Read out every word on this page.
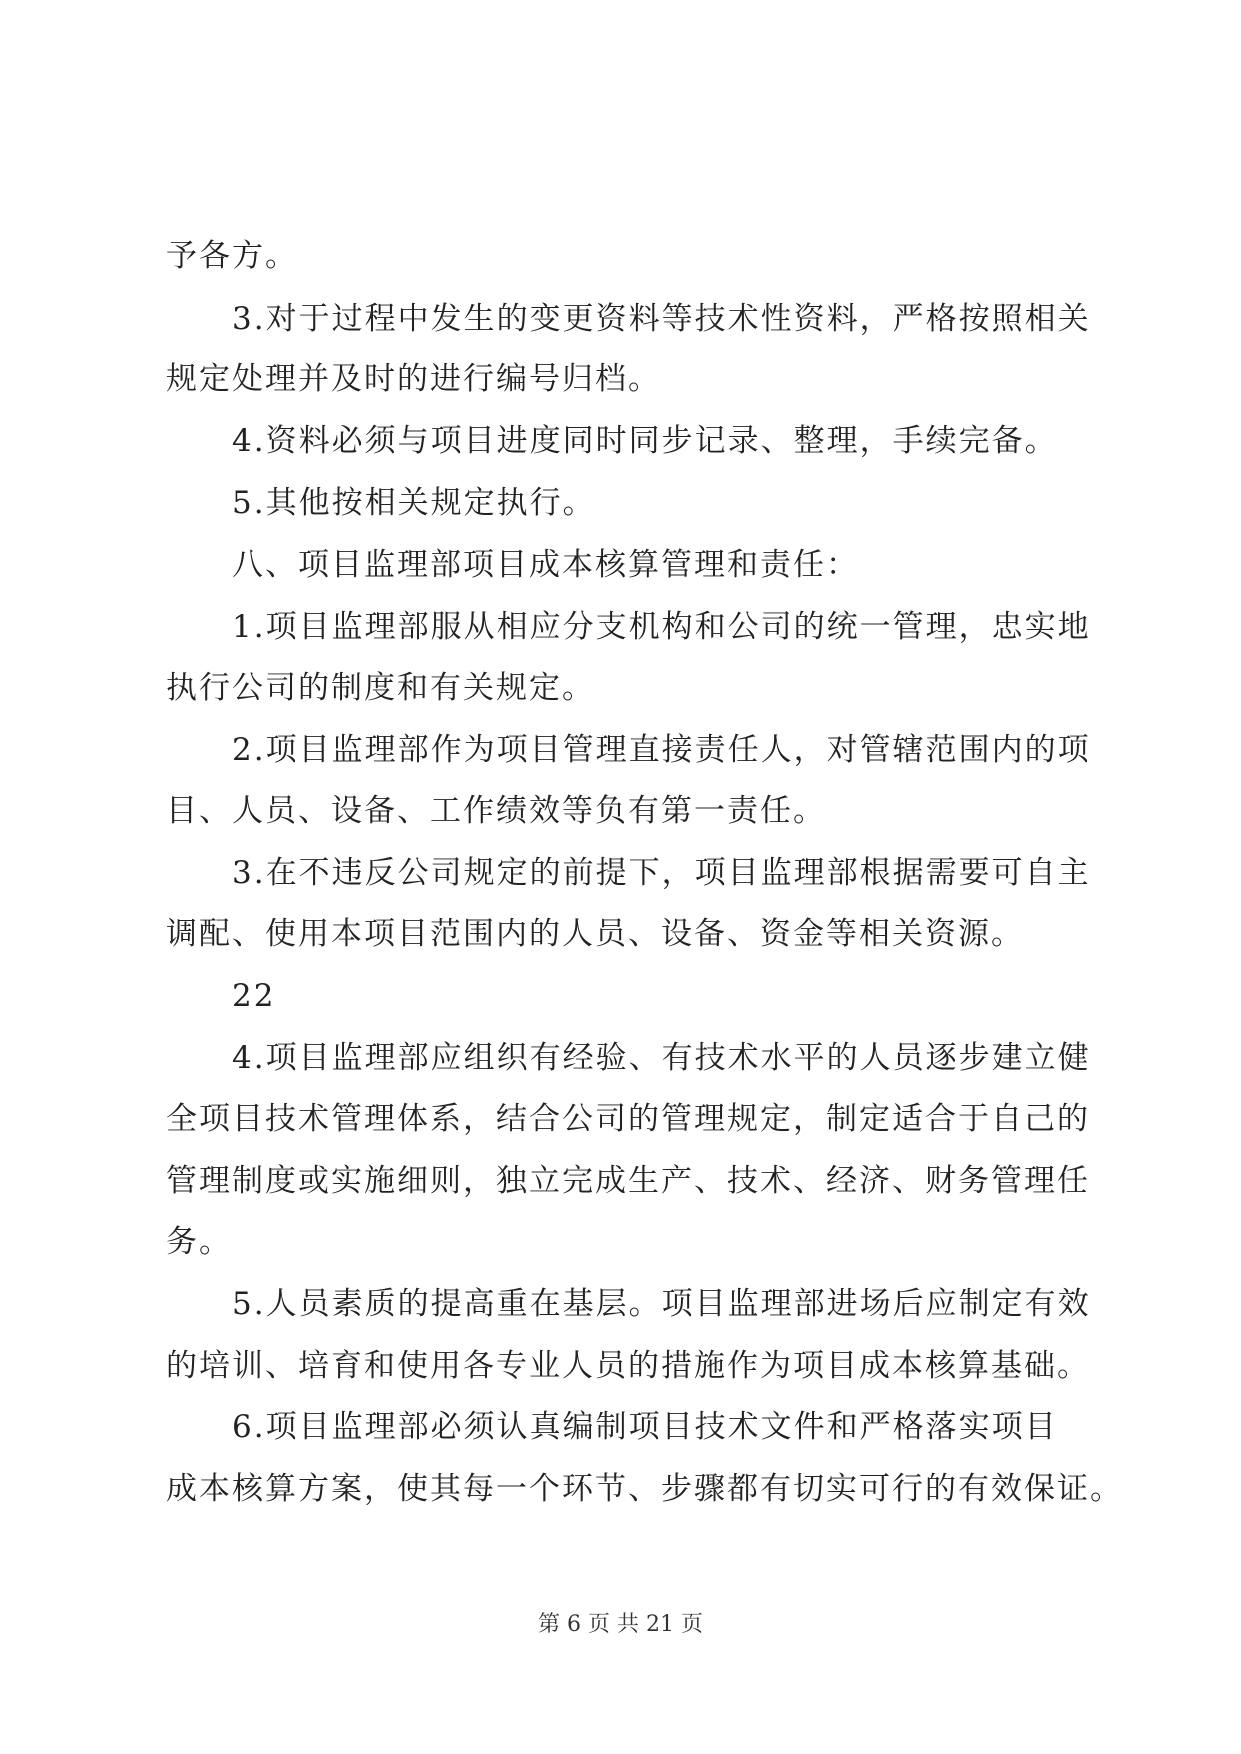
予各方。
3.对于过程中发生的变更资料等技术性资料，严格按照相关
规定处理并及时的进行编号归档。
4.资料必须与项目进度同时同步记录、整理，手续完备。
5.其他按相关规定执行。
八、项目监理部项目成本核算管理和责任：
1.项目监理部服从相应分支机构和公司的统一管理，忠实地
执行公司的制度和有关规定。
2.项目监理部作为项目管理直接责任人，对管辖范围内的项
目、人员、设备、工作绩效等负有第一责任。
3.在不违反公司规定的前提下，项目监理部根据需要可自主
调配、使用本项目范围内的人员、设备、资金等相关资源。
22
4.项目监理部应组织有经验、有技术水平的人员逐步建立健
全项目技术管理体系，结合公司的管理规定，制定适合于自己的
管理制度或实施细则，独立完成生产、技术、经济、财务管理任
务。
5.人员素质的提高重在基层。项目监理部进场后应制定有效
的培训、培育和使用各专业人员的措施作为项目成本核算基础。
6.项目监理部必须认真编制项目技术文件和严格落实项目
成本核算方案，使其每一个环节、步骤都有切实可行的有效保证。
第 6 页 共 21 页
